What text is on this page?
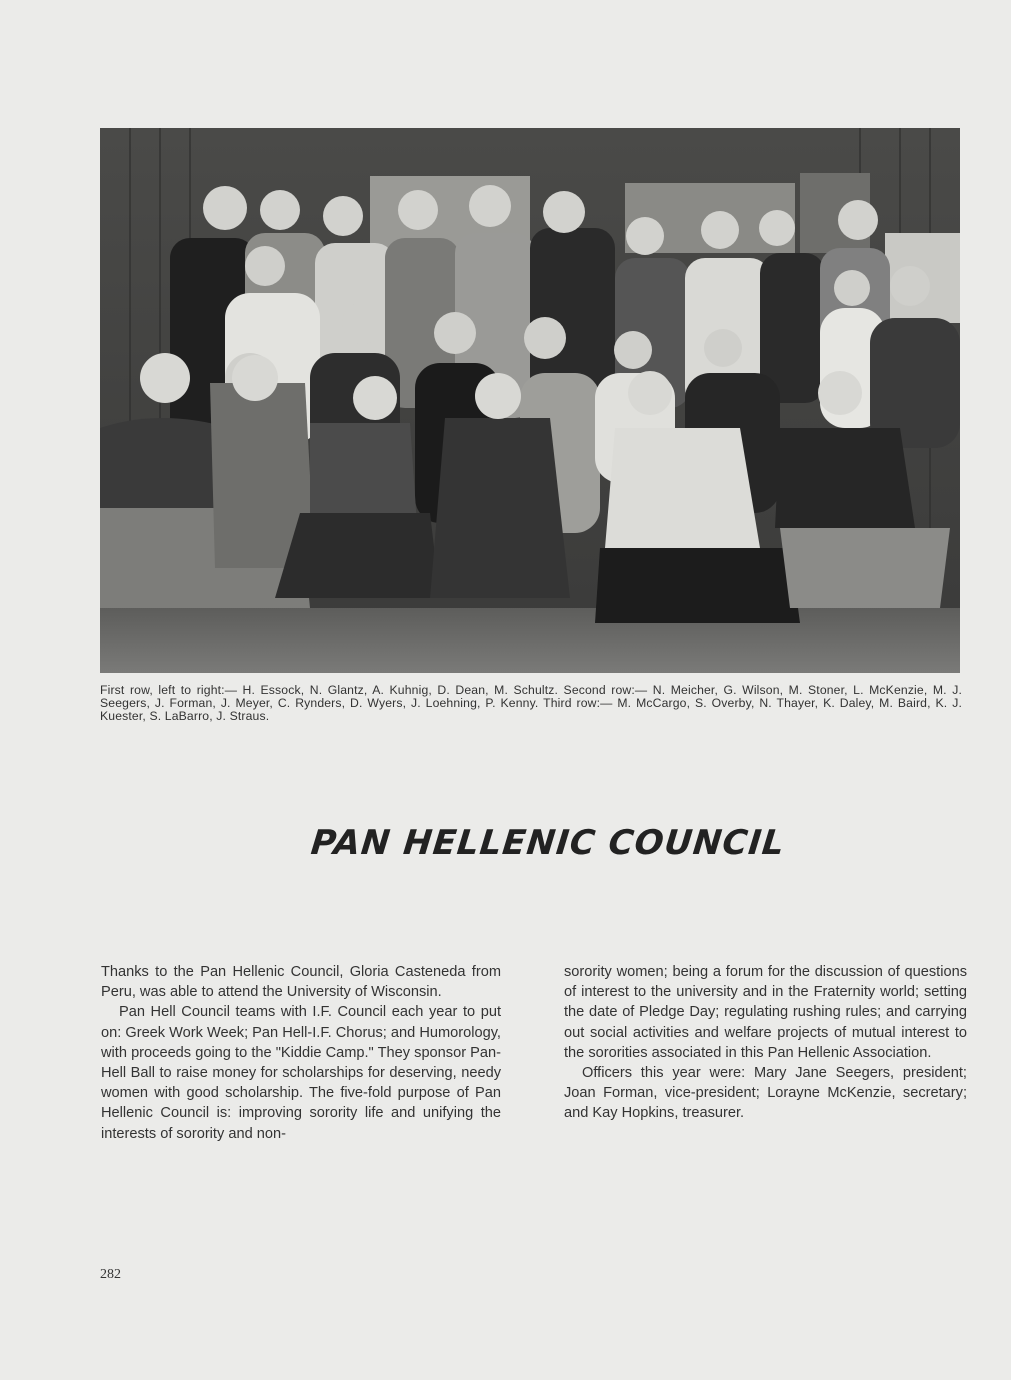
First row, left to right:— H. Essock, N. Glantz, A. Kuhnig, D. Dean, M. Schultz. Second row:— N. Meicher, G. Wilson, M. Stoner, L. McKenzie, M. J. Seegers, J. Forman, J. Meyer, C. Rynders, D. Wyers, J. Loehning, P. Kenny. Third row:— M. McCargo, S. Overby, N. Thayer, K. Daley, M. Baird, K. J. Kuester, S. LaBarro, J. Straus.
PAN HELLENIC COUNCIL

Thanks to the Pan Hellenic Council, Gloria Casteneda from Peru, was able to attend the University of Wisconsin.

Pan Hell Council teams with I.F. Council each year to put on: Greek Work Week; Pan Hell-I.F. Chorus; and Humorology, with proceeds going to the "Kiddie Camp." They sponsor Pan-Hell Ball to raise money for scholarships for deserving, needy women with good scholarship. The five-fold purpose of Pan Hellenic Council is: improving sorority life and unifying the interests of sorority and non-

sorority women; being a forum for the discussion of questions of interest to the university and in the Fraternity world; setting the date of Pledge Day; regulating rushing rules; and carrying out social activities and welfare projects of mutual interest to the sororities associated in this Pan Hellenic Association.

Officers this year were: Mary Jane Seegers, president; Joan Forman, vice-president; Lorayne McKenzie, secretary; and Kay Hopkins, treasurer.

282
